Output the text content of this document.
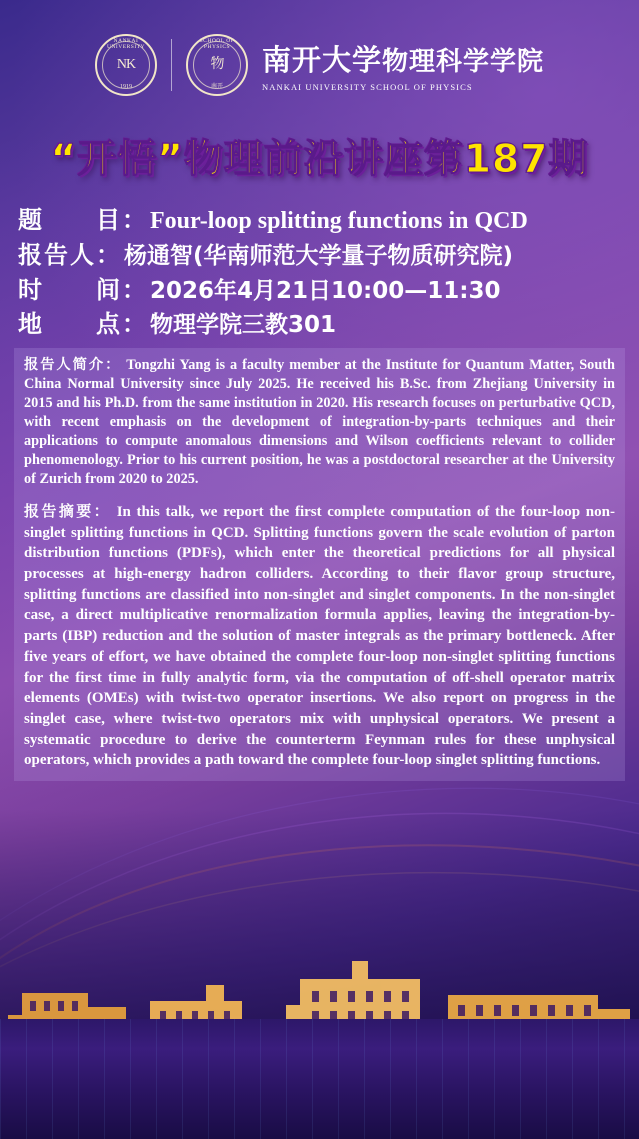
NANKAI UNIVERSITY
NK
1919
SCHOOL OF PHYSICS
物
南开
南开大学物理科学学院
NANKAI UNIVERSITY SCHOOL OF PHYSICS
“开悟”物理前沿讲座第187期
题　　目： Four-loop splitting functions in QCD
报告人： 杨通智(华南师范大学量子物质研究院)
时　　间： 2026年4月21日10:00—11:30
地　　点： 物理学院三教301

报告人简介： Tongzhi Yang is a faculty member at the Institute for Quantum Matter, South China Normal University since July 2025. He received his B.Sc. from Zhejiang University in 2015 and his Ph.D. from the same institution in 2020. His research focuses on perturbative QCD, with recent emphasis on the development of integration-by-parts techniques and their applications to compute anomalous dimensions and Wilson coefficients relevant to collider phenomenology. Prior to his current position, he was a postdoctoral researcher at the University of Zurich from 2020 to 2025.

报告摘要： In this talk, we report the first complete computation of the four-loop non-singlet splitting functions in QCD. Splitting functions govern the scale evolution of parton distribution functions (PDFs), which enter the theoretical predictions for all physical processes at high-energy hadron colliders. According to their flavor group structure, splitting functions are classified into non-singlet and singlet components. In the non-singlet case, a direct multiplicative renormalization formula applies, leaving the integration-by-parts (IBP) reduction and the solution of master integrals as the primary bottleneck. After five years of effort, we have obtained the complete four-loop non-singlet splitting functions for the first time in fully analytic form, via the computation of off-shell operator matrix elements (OMEs) with twist-two operator insertions. We also report on progress in the singlet case, where twist-two operators mix with unphysical operators. We present a systematic procedure to derive the counterterm Feynman rules for these unphysical operators, which provides a path toward the complete four-loop singlet splitting functions.
